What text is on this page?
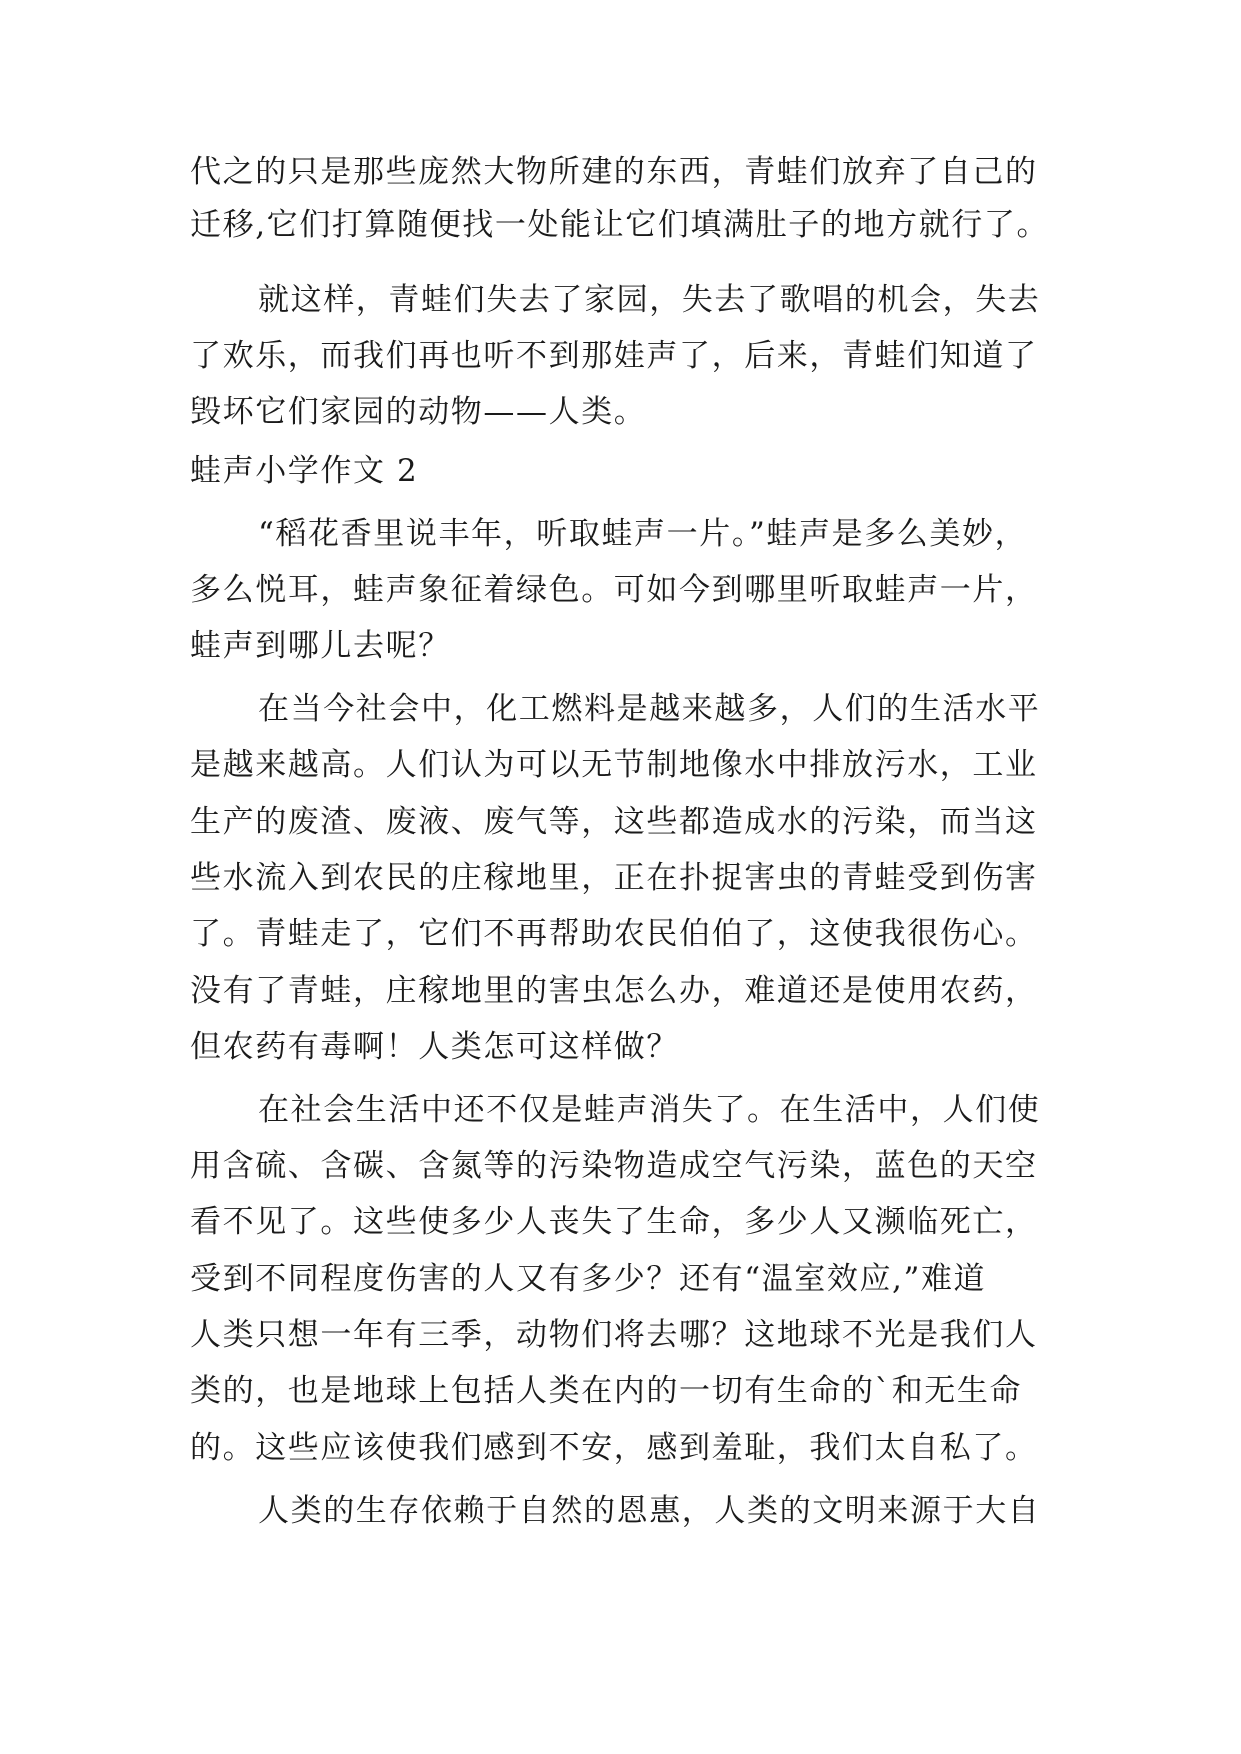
代之的只是那些庞然大物所建的东西，青蛙们放弃了自己的
迁移,它们打算随便找一处能让它们填满肚子的地方就行了。
就这样，青蛙们失去了家园，失去了歌唱的机会，失去
了欢乐，而我们再也听不到那娃声了，后来，青蛙们知道了
毁坏它们家园的动物——人类。
蛙声小学作文 2
“稻花香里说丰年，听取蛙声一片。”蛙声是多么美妙，
多么悦耳，蛙声象征着绿色。可如今到哪里听取蛙声一片，
蛙声到哪儿去呢？
在当今社会中，化工燃料是越来越多，人们的生活水平
是越来越高。人们认为可以无节制地像水中排放污水，工业
生产的废渣、废液、废气等，这些都造成水的污染，而当这
些水流入到农民的庄稼地里，正在扑捉害虫的青蛙受到伤害
了。青蛙走了，它们不再帮助农民伯伯了，这使我很伤心。
没有了青蛙，庄稼地里的害虫怎么办，难道还是使用农药，
但农药有毒啊！人类怎可这样做？
在社会生活中还不仅是蛙声消失了。在生活中，人们使
用含硫、含碳、含氮等的污染物造成空气污染，蓝色的天空
看不见了。这些使多少人丧失了生命，多少人又濒临死亡，
受到不同程度伤害的人又有多少？还有“温室效应,”难道
人类只想一年有三季，动物们将去哪？这地球不光是我们人
类的，也是地球上包括人类在内的一切有生命的`和无生命
的。这些应该使我们感到不安，感到羞耻，我们太自私了。
人类的生存依赖于自然的恩惠，人类的文明来源于大自
